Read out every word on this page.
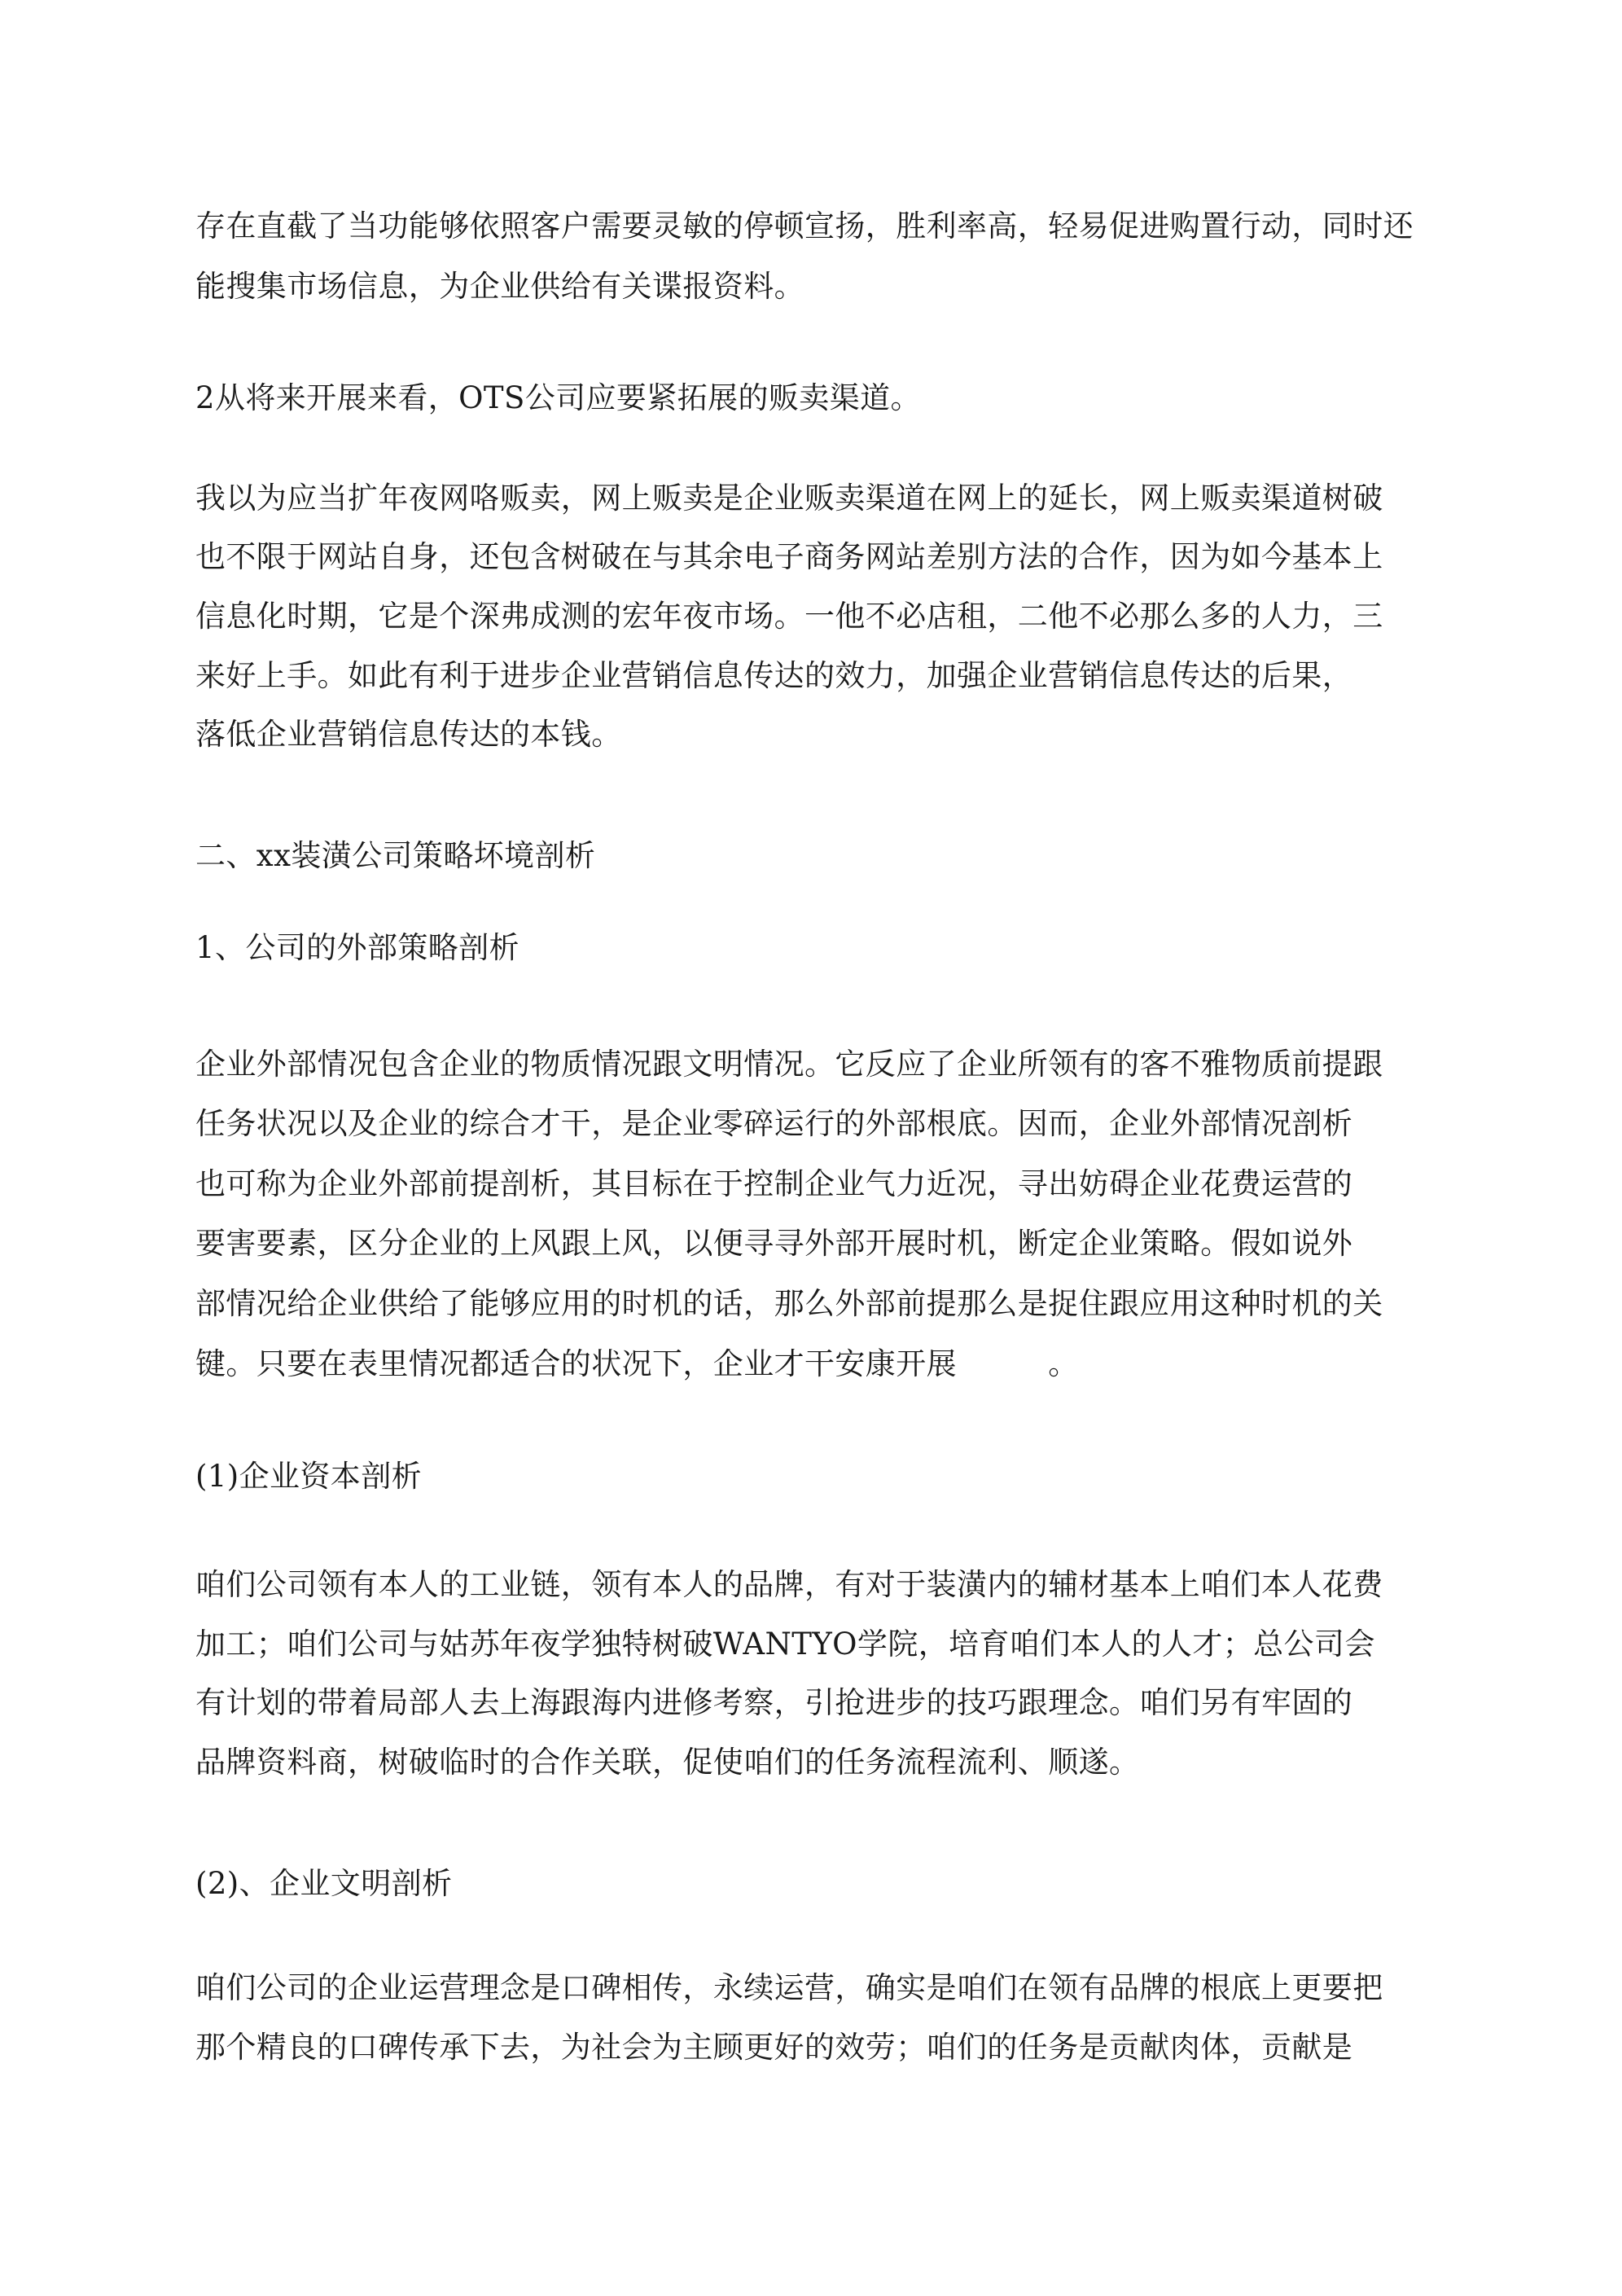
存在直截了当功能够依照客户需要灵敏的停顿宣扬，胜利率高，轻易促进购置行动，同时还
能搜集市场信息，为企业供给有关谍报资料。
2从将来开展来看，OTS公司应要紧拓展的贩卖渠道。
我以为应当扩年夜网咯贩卖，网上贩卖是企业贩卖渠道在网上的延长，网上贩卖渠道树破
也不限于网站自身，还包含树破在与其余电子商务网站差别方法的合作，因为如今基本上
信息化时期，它是个深弗成测的宏年夜市场。一他不必店租，二他不必那么多的人力，三
来好上手。如此有利于进步企业营销信息传达的效力，加强企业营销信息传达的后果，
落低企业营销信息传达的本钱。
二、xx装潢公司策略坏境剖析
1、公司的外部策略剖析
企业外部情况包含企业的物质情况跟文明情况。它反应了企业所领有的客不雅物质前提跟
任务状况以及企业的综合才干，是企业零碎运行的外部根底。因而，企业外部情况剖析
也可称为企业外部前提剖析，其目标在于控制企业气力近况，寻出妨碍企业花费运营的
要害要素，区分企业的上风跟上风，以便寻寻外部开展时机，断定企业策略。假如说外
部情况给企业供给了能够应用的时机的话，那么外部前提那么是捉住跟应用这种时机的关
键。只要在表里情况都适合的状况下，企业才干安康开展　　　。
(1)企业资本剖析
咱们公司领有本人的工业链，领有本人的品牌，有对于装潢内的辅材基本上咱们本人花费
加工；咱们公司与姑苏年夜学独特树破WANTYO学院，培育咱们本人的人才；总公司会
有计划的带着局部人去上海跟海内进修考察，引抢进步的技巧跟理念。咱们另有牢固的
品牌资料商，树破临时的合作关联，促使咱们的任务流程流利、顺遂。
(2)、企业文明剖析
咱们公司的企业运营理念是口碑相传，永续运营，确实是咱们在领有品牌的根底上更要把
那个精良的口碑传承下去，为社会为主顾更好的效劳；咱们的任务是贡献肉体，贡献是
